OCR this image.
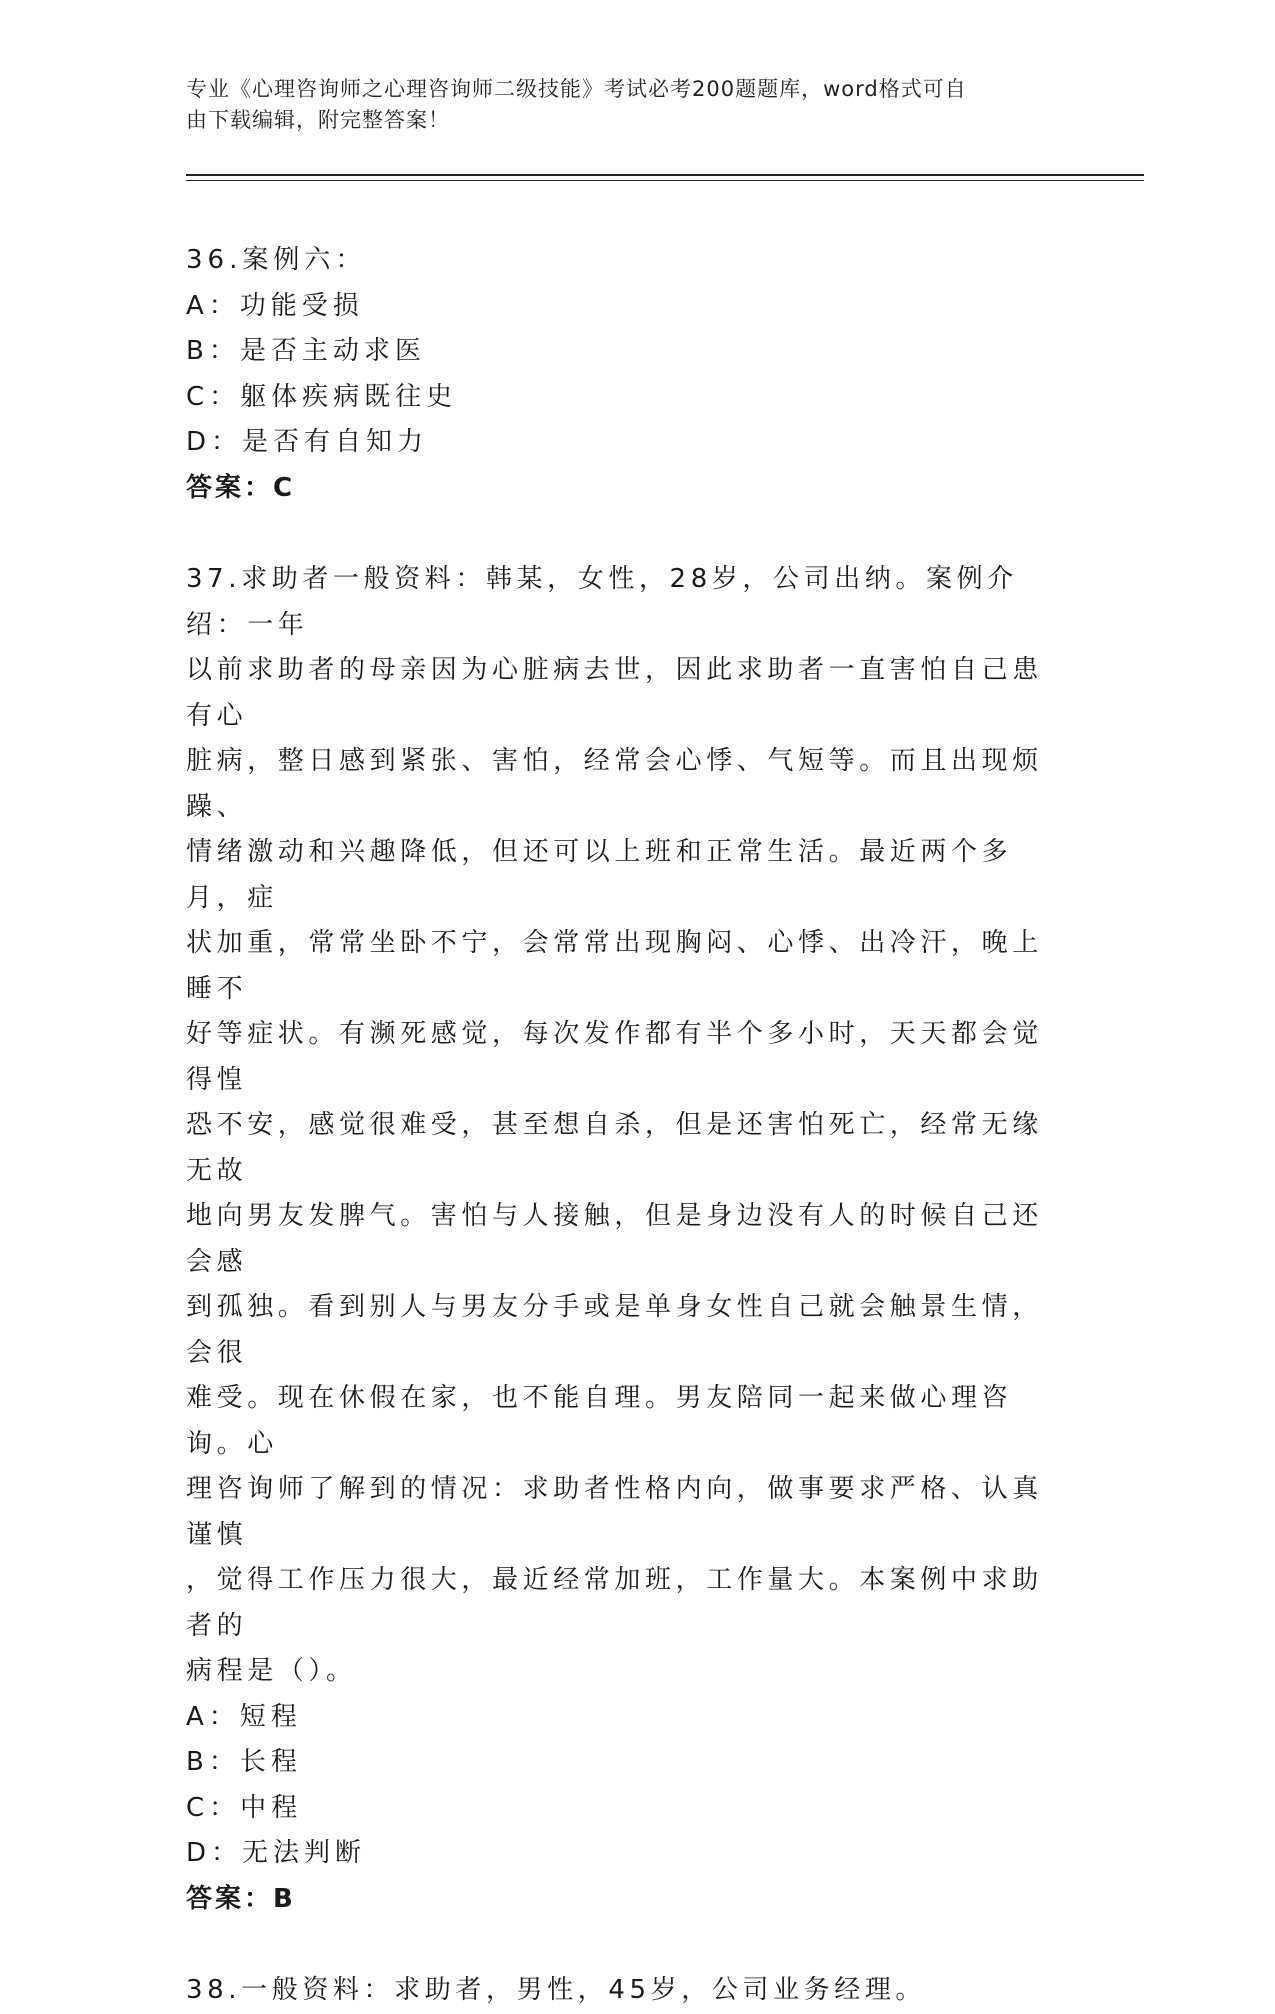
专业《心理咨询师之心理咨询师二级技能》考试必考200题题库，word格式可自
由下载编辑，附完整答案！
36.案例六：
A：功能受损
B：是否主动求医
C：躯体疾病既往史
D：是否有自知力
答案：C
37.求助者一般资料：韩某，女性，28岁，公司出纳。案例介绍：一年
以前求助者的母亲因为心脏病去世，因此求助者一直害怕自己患有心
脏病，整日感到紧张、害怕，经常会心悸、气短等。而且出现烦躁、
情绪激动和兴趣降低，但还可以上班和正常生活。最近两个多月，症
状加重，常常坐卧不宁，会常常出现胸闷、心悸、出冷汗，晚上睡不
好等症状。有濒死感觉，每次发作都有半个多小时，天天都会觉得惶
恐不安，感觉很难受，甚至想自杀，但是还害怕死亡，经常无缘无故
地向男友发脾气。害怕与人接触，但是身边没有人的时候自己还会感
到孤独。看到别人与男友分手或是单身女性自己就会触景生情，会很
难受。现在休假在家，也不能自理。男友陪同一起来做心理咨询。心
理咨询师了解到的情况：求助者性格内向，做事要求严格、认真谨慎
，觉得工作压力很大，最近经常加班，工作量大。本案例中求助者的
病程是（）。
A：短程
B：长程
C：中程
D：无法判断
答案：B
38.一般资料：求助者，男性，45岁，公司业务经理。
